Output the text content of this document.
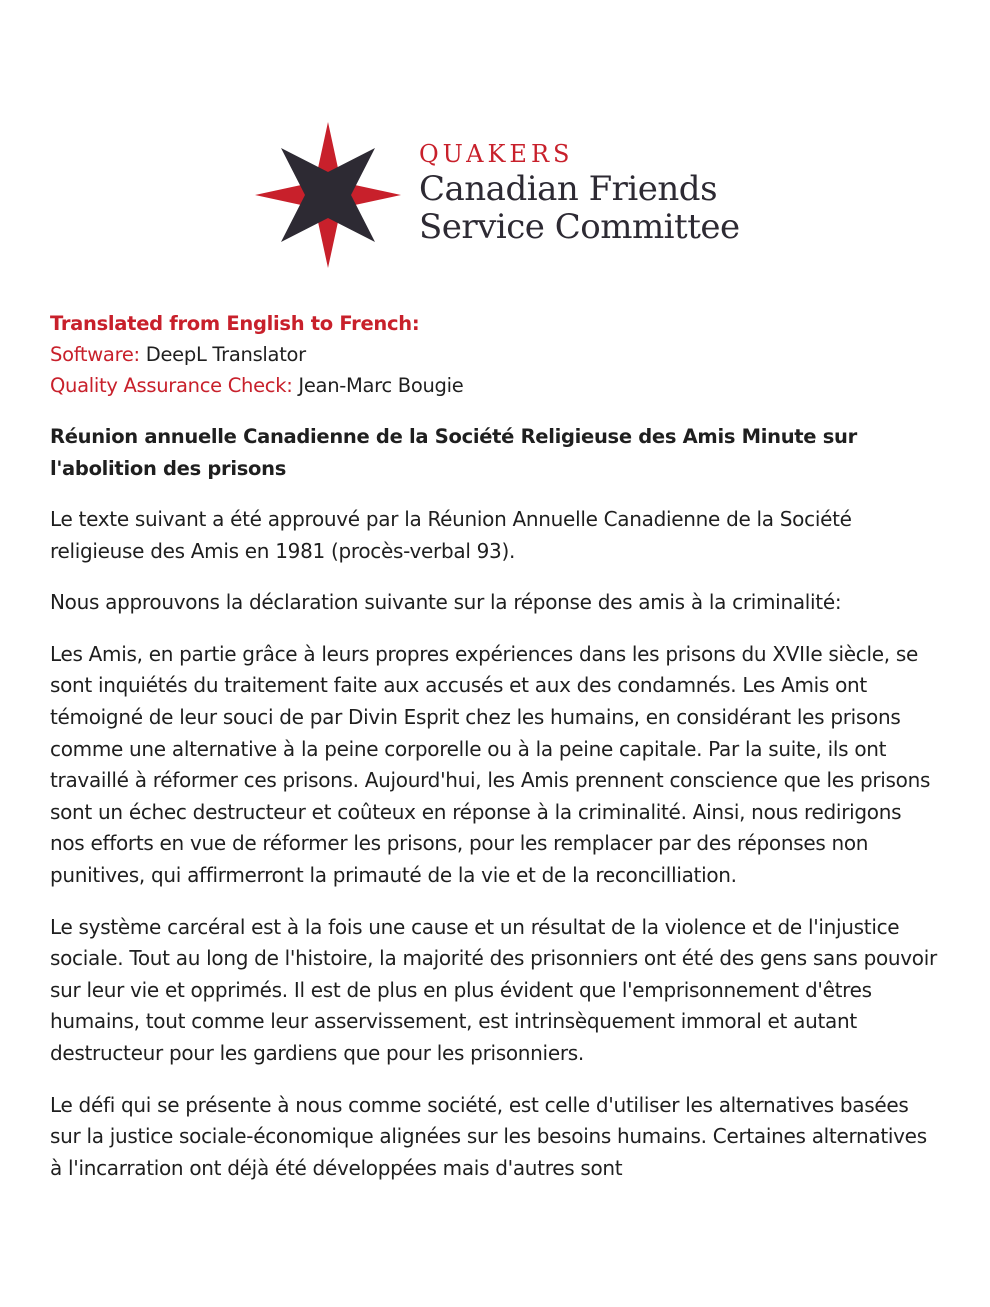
QUAKERS

Canadian Friends
Service Committee

Translated from English to French:

Software: DeepL Translator

Quality Assurance Check: Jean-Marc Bougie

Réunion annuelle Canadienne de la Société Religieuse des Amis Minute sur l'abolition des prisons

Le texte suivant a été approuvé par la Réunion Annuelle Canadienne de la Société religieuse des Amis en 1981 (procès-verbal 93).

Nous approuvons la déclaration suivante sur la réponse des amis à la criminalité:

Les Amis, en partie grâce à leurs propres expériences dans les prisons du XVIIe siècle, se sont inquiétés du traitement faite aux accusés et aux des condamnés. Les Amis ont témoigné de leur souci de par Divin Esprit chez les humains, en considérant les prisons comme une alternative à la peine corporelle ou à la peine capitale. Par la suite, ils ont travaillé à réformer ces prisons. Aujourd'hui, les Amis prennent conscience que les prisons sont un échec destructeur et coûteux en réponse à la criminalité. Ainsi, nous redirigons nos efforts en vue de réformer les prisons, pour les remplacer par des réponses non punitives, qui affirmerront la primauté de la vie et de la reconcilliation.

Le système carcéral est à la fois une cause et un résultat de la violence et de l'injustice sociale. Tout au long de l'histoire, la majorité des prisonniers ont été des gens sans pouvoir sur leur vie et opprimés. Il est de plus en plus évident que l'emprisonnement d'êtres humains, tout comme leur asservissement, est intrinsèquement immoral et autant destructeur pour les gardiens que pour les prisonniers.

Le défi qui se présente à nous comme société, est celle d'utiliser les alternatives basées sur la justice sociale-économique alignées sur les besoins humains. Certaines alternatives à l'incarration ont déjà été développées mais d'autres sont
